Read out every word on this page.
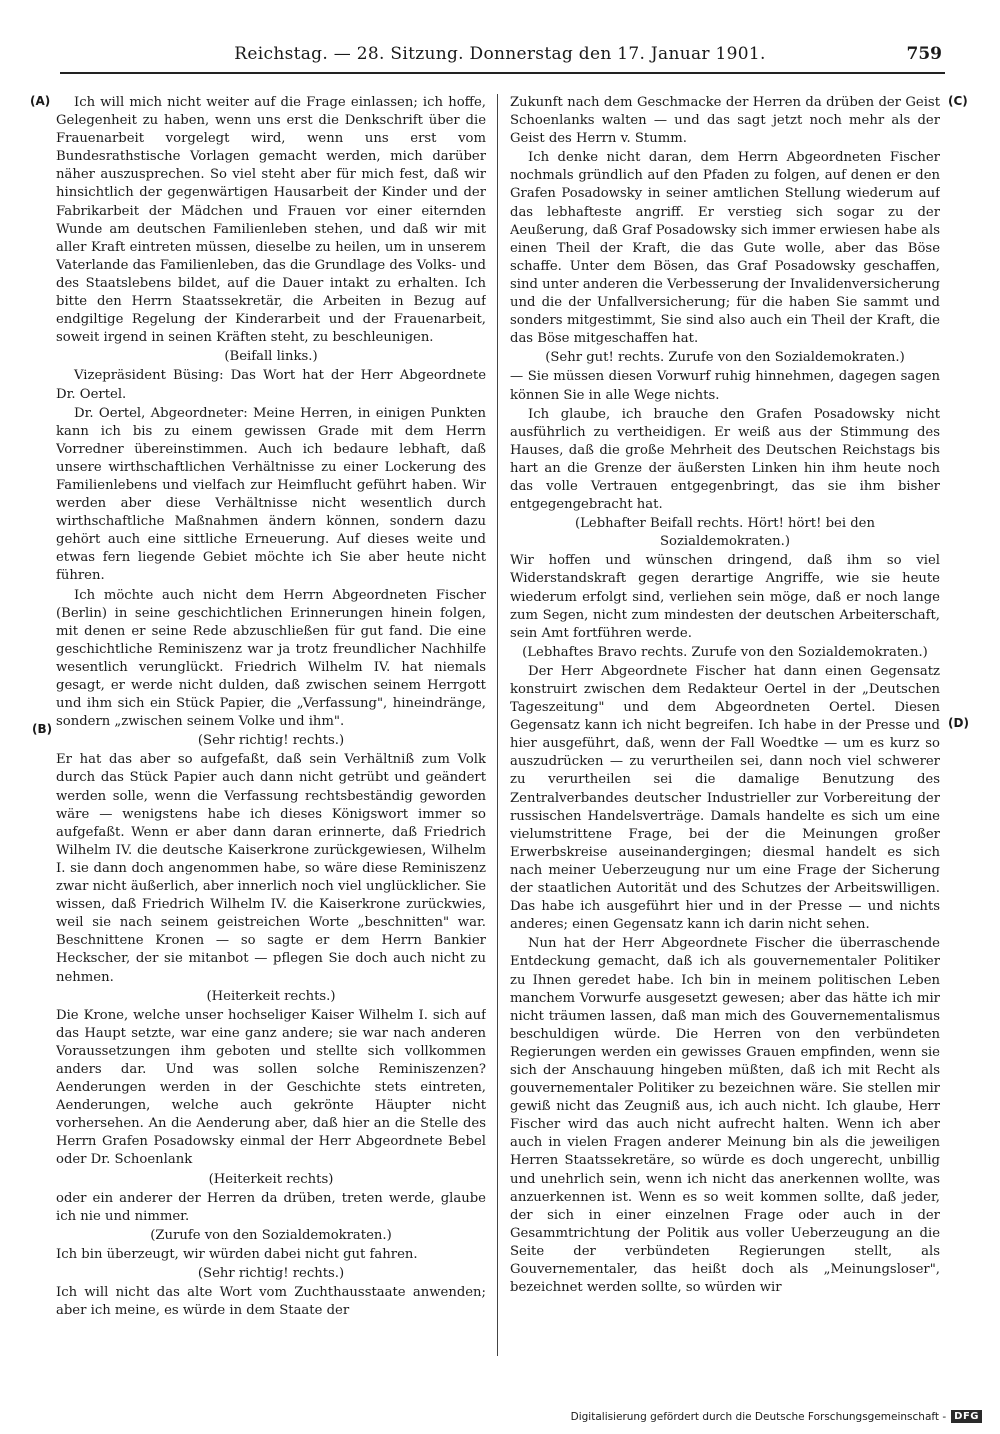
Reichstag. — 28. Sitzung. Donnerstag den 17. Januar 1901.	759
(A)
(B)
(C)
(D)

Ich will mich nicht weiter auf die Frage einlassen; ich hoffe, Gelegenheit zu haben, wenn uns erst die Denkschrift über die Frauenarbeit vorgelegt wird, wenn uns erst vom Bundesrathstische Vorlagen gemacht werden, mich darüber näher auszusprechen. So viel steht aber für mich fest, daß wir hinsichtlich der gegenwärtigen Hausarbeit der Kinder und der Fabrikarbeit der Mädchen und Frauen vor einer eiternden Wunde am deutschen Familienleben stehen, und daß wir mit aller Kraft eintreten müssen, dieselbe zu heilen, um in unserem Vaterlande das Familienleben, das die Grundlage des Volks- und des Staatslebens bildet, auf die Dauer intakt zu erhalten. Ich bitte den Herrn Staatssekretär, die Arbeiten in Bezug auf endgiltige Regelung der Kinderarbeit und der Frauenarbeit, soweit irgend in seinen Kräften steht, zu beschleunigen.

(Beifall links.)

Vizepräsident Büsing: Das Wort hat der Herr Abgeordnete Dr. Oertel.

Dr. Oertel, Abgeordneter: Meine Herren, in einigen Punkten kann ich bis zu einem gewissen Grade mit dem Herrn Vorredner übereinstimmen. Auch ich bedaure lebhaft, daß unsere wirthschaftlichen Verhältnisse zu einer Lockerung des Familienlebens und vielfach zur Heimflucht geführt haben. Wir werden aber diese Verhältnisse nicht wesentlich durch wirthschaftliche Maßnahmen ändern können, sondern dazu gehört auch eine sittliche Erneuerung. Auf dieses weite und etwas fern liegende Gebiet möchte ich Sie aber heute nicht führen.

Ich möchte auch nicht dem Herrn Abgeordneten Fischer (Berlin) in seine geschichtlichen Erinnerungen hinein folgen, mit denen er seine Rede abzuschließen für gut fand. Die eine geschichtliche Reminiszenz war ja trotz freundlicher Nachhilfe wesentlich verunglückt. Friedrich Wilhelm IV. hat niemals gesagt, er werde nicht dulden, daß zwischen seinem Herrgott und ihm sich ein Stück Papier, die „Verfassung", hineindränge, sondern „zwischen seinem Volke und ihm".

(Sehr richtig! rechts.)

Er hat das aber so aufgefaßt, daß sein Verhältniß zum Volk durch das Stück Papier auch dann nicht getrübt und geändert werden solle, wenn die Verfassung rechtsbeständig geworden wäre — wenigstens habe ich dieses Königswort immer so aufgefaßt. Wenn er aber dann daran erinnerte, daß Friedrich Wilhelm IV. die deutsche Kaiserkrone zurückgewiesen, Wilhelm I. sie dann doch angenommen habe, so wäre diese Reminiszenz zwar nicht äußerlich, aber innerlich noch viel unglücklicher. Sie wissen, daß Friedrich Wilhelm IV. die Kaiserkrone zurückwies, weil sie nach seinem geistreichen Worte „beschnitten" war. Beschnittene Kronen — so sagte er dem Herrn Bankier Heckscher, der sie mitanbot — pflegen Sie doch auch nicht zu nehmen.

(Heiterkeit rechts.)

Die Krone, welche unser hochseliger Kaiser Wilhelm I. sich auf das Haupt setzte, war eine ganz andere; sie war nach anderen Voraussetzungen ihm geboten und stellte sich vollkommen anders dar. Und was sollen solche Reminiszenzen? Aenderungen werden in der Geschichte stets eintreten, Aenderungen, welche auch gekrönte Häupter nicht vorhersehen. An die Aenderung aber, daß hier an die Stelle des Herrn Grafen Posadowsky einmal der Herr Abgeordnete Bebel oder Dr. Schoenlank

(Heiterkeit rechts)

oder ein anderer der Herren da drüben, treten werde, glaube ich nie und nimmer.

(Zurufe von den Sozialdemokraten.)

Ich bin überzeugt, wir würden dabei nicht gut fahren.

(Sehr richtig! rechts.)

Ich will nicht das alte Wort vom Zuchthausstaate anwenden; aber ich meine, es würde in dem Staate der

Zukunft nach dem Geschmacke der Herren da drüben der Geist Schoenlanks walten — und das sagt jetzt noch mehr als der Geist des Herrn v. Stumm.

Ich denke nicht daran, dem Herrn Abgeordneten Fischer nochmals gründlich auf den Pfaden zu folgen, auf denen er den Grafen Posadowsky in seiner amtlichen Stellung wiederum auf das lebhafteste angriff. Er verstieg sich sogar zu der Aeußerung, daß Graf Posadowsky sich immer erwiesen habe als einen Theil der Kraft, die das Gute wolle, aber das Böse schaffe. Unter dem Bösen, das Graf Posadowsky geschaffen, sind unter anderen die Verbesserung der Invalidenversicherung und die der Unfallversicherung; für die haben Sie sammt und sonders mitgestimmt, Sie sind also auch ein Theil der Kraft, die das Böse mitgeschaffen hat.

(Sehr gut! rechts. Zurufe von den Sozialdemokraten.)

— Sie müssen diesen Vorwurf ruhig hinnehmen, dagegen sagen können Sie in alle Wege nichts.

Ich glaube, ich brauche den Grafen Posadowsky nicht ausführlich zu vertheidigen. Er weiß aus der Stimmung des Hauses, daß die große Mehrheit des Deutschen Reichstags bis hart an die Grenze der äußersten Linken hin ihm heute noch das volle Vertrauen entgegenbringt, das sie ihm bisher entgegengebracht hat.

(Lebhafter Beifall rechts. Hört! hört! bei den Sozialdemokraten.)

Wir hoffen und wünschen dringend, daß ihm so viel Widerstandskraft gegen derartige Angriffe, wie sie heute wiederum erfolgt sind, verliehen sein möge, daß er noch lange zum Segen, nicht zum mindesten der deutschen Arbeiterschaft, sein Amt fortführen werde.

(Lebhaftes Bravo rechts. Zurufe von den Sozialdemokraten.)

Der Herr Abgeordnete Fischer hat dann einen Gegensatz konstruirt zwischen dem Redakteur Oertel in der „Deutschen Tageszeitung" und dem Abgeordneten Oertel. Diesen Gegensatz kann ich nicht begreifen. Ich habe in der Presse und hier ausgeführt, daß, wenn der Fall Woedtke — um es kurz so auszudrücken — zu verurtheilen sei, dann noch viel schwerer zu verurtheilen sei die damalige Benutzung des Zentralverbandes deutscher Industrieller zur Vorbereitung der russischen Handelsverträge. Damals handelte es sich um eine vielumstrittene Frage, bei der die Meinungen großer Erwerbskreise auseinandergingen; diesmal handelt es sich nach meiner Ueberzeugung nur um eine Frage der Sicherung der staatlichen Autorität und des Schutzes der Arbeitswilligen. Das habe ich ausgeführt hier und in der Presse — und nichts anderes; einen Gegensatz kann ich darin nicht sehen.

Nun hat der Herr Abgeordnete Fischer die überraschende Entdeckung gemacht, daß ich als gouvernementaler Politiker zu Ihnen geredet habe. Ich bin in meinem politischen Leben manchem Vorwurfe ausgesetzt gewesen; aber das hätte ich mir nicht träumen lassen, daß man mich des Gouvernementalismus beschuldigen würde. Die Herren von den verbündeten Regierungen werden ein gewisses Grauen empfinden, wenn sie sich der Anschauung hingeben müßten, daß ich mit Recht als gouvernementaler Politiker zu bezeichnen wäre. Sie stellen mir gewiß nicht das Zeugniß aus, ich auch nicht. Ich glaube, Herr Fischer wird das auch nicht aufrecht halten. Wenn ich aber auch in vielen Fragen anderer Meinung bin als die jeweiligen Herren Staatssekretäre, so würde es doch ungerecht, unbillig und unehrlich sein, wenn ich nicht das anerkennen wollte, was anzuerkennen ist. Wenn es so weit kommen sollte, daß jeder, der sich in einer einzelnen Frage oder auch in der Gesammtrichtung der Politik aus voller Ueberzeugung an die Seite der verbündeten Regierungen stellt, als Gouvernementaler, das heißt doch als „Meinungsloser", bezeichnet werden sollte, so würden wir

Digitalisierung gefördert durch die Deutsche Forschungsgemeinschaft - DFG
